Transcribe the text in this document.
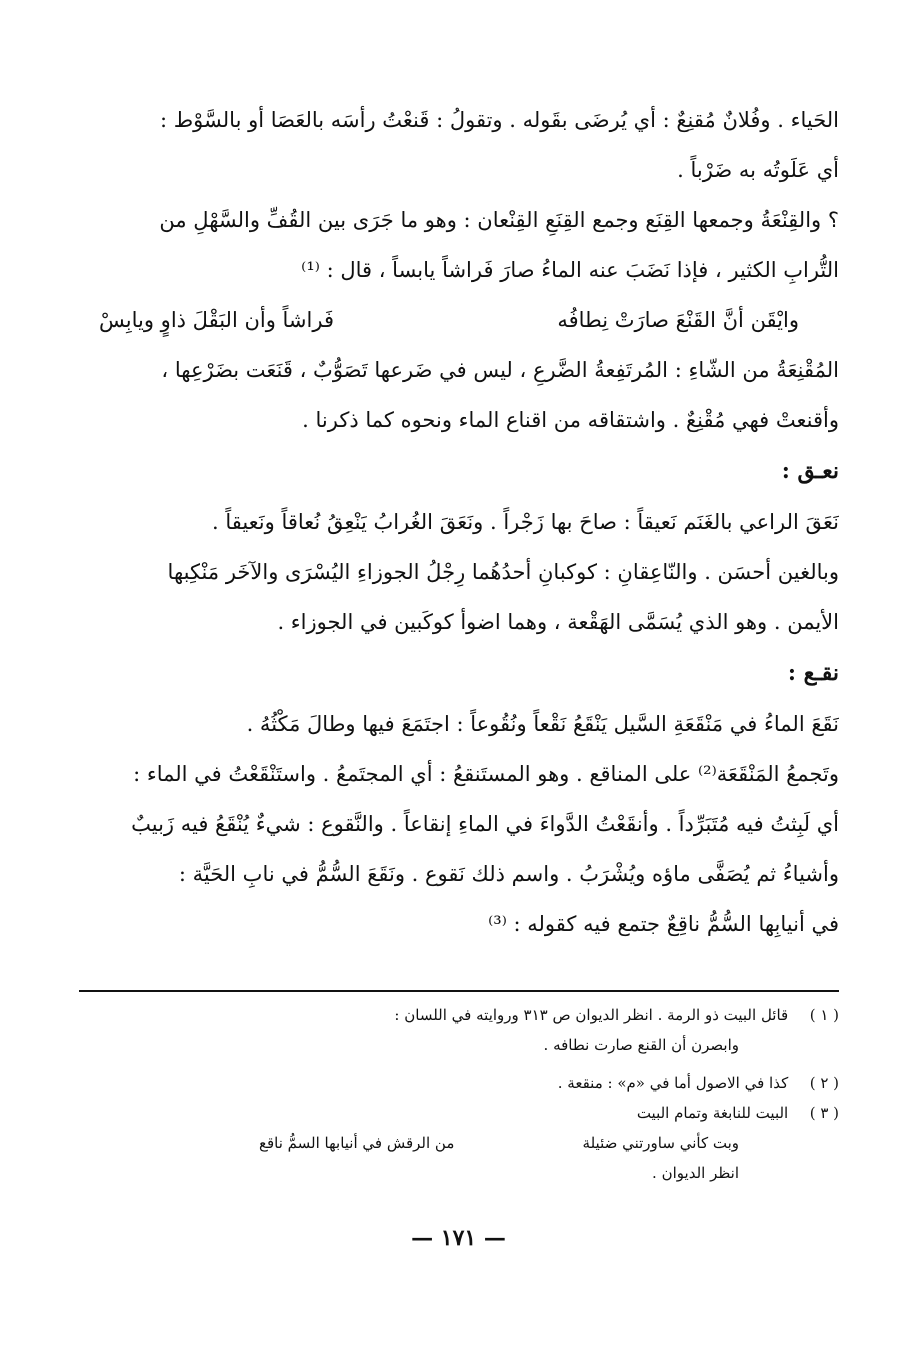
الحَياء . وفُلانٌ مُقنِعٌ : أي يُرضَى بقَوله . وتقولُ : قَنعْتُ رأسَه بالعَصَا أو بالسَّوْط :
أي عَلَوتُه به ضَرْباً .
؟ والقِنْعَةُ وجمعها القِنَع وجمع القِنَعِ القِنْعان : وهو ما جَرَى بين القُفِّ والسَّهْلِ من
التُّرابِ الكثير ، فإذا نَضَبَ عنه الماءُ صارَ فَراشاً يابساً ، قال : ⁽¹⁾
وايْقَن أنَّ القَنْعَ صارَتْ نِطافُه
فَراشاً وأن البَقْلَ ذاوٍ ويابِسْ
المُقْنِعَةُ من الشّاءِ : المُرتَفِعةُ الضَّرعِ ، ليس في ضَرعها تَصَوُّبٌ ، قَنَعَت بضَرْعِها ،
وأقنعتْ فهي مُقْنِعٌ . واشتقاقه من اقناع الماء ونحوه كما ذكرنا .
نعـق :
نَعَقَ الراعي بالغَنَم نَعيقاً : صاحَ بها زَجْراً . ونَعَقَ الغُرابُ يَنْعِقُ نُعاقاً ونَعيقاً .
وبالغين أحسَن . والنّاعِقانِ : كوكبانِ أحدُهُما رِجْلُ الجوزاءِ اليُسْرَى والآخَر مَنْكِبها
الأيمن . وهو الذي يُسَمَّى الهَقْعة ، وهما اضوأ كوكَبين في الجوزاء .
نقـع :
نَقَعَ الماءُ في مَنْقَعَةِ السَّيل يَنْقَعُ نَقْعاً ونُقُوعاً : اجتَمَعَ فيها وطالَ مَكْثُهُ .
وتَجمعُ المَنْقَعَة⁽²⁾ على المناقع . وهو المستَنقعُ : أي المجتَمعُ . واستَنْقَعْتُ في الماء :
أي لَبِثتُ فيه مُتَبَرِّداً . وأنقَعْتُ الدَّواءَ في الماءِ إنقاعاً . والنَّقوع : شيءٌ يُنْقَعُ فيه زَبيبٌ
وأشياءُ ثم يُصَفَّى ماؤه ويُشْرَبُ . واسم ذلك نَقوع . ونَقَعَ السُّمُّ في نابِ الحَيَّة :
في أنيابِها السُّمُّ ناقِعٌ جتمع فيه كقوله : ⁽³⁾
( ١ ) قائل البيت ذو الرمة . انظر الديوان ص ٣١٣ وروايته في اللسان :
وابصرن أن القنع صارت نطافه .
( ٢ ) كذا في الاصول أما في «م» : منقعة .
( ٣ ) البيت للنابغة وتمام البيت
وبت كأني ساورتني ضئيلة
من الرقش في أنيابها السمُّ ناقع
انظر الديوان .
— ١٧١ —
